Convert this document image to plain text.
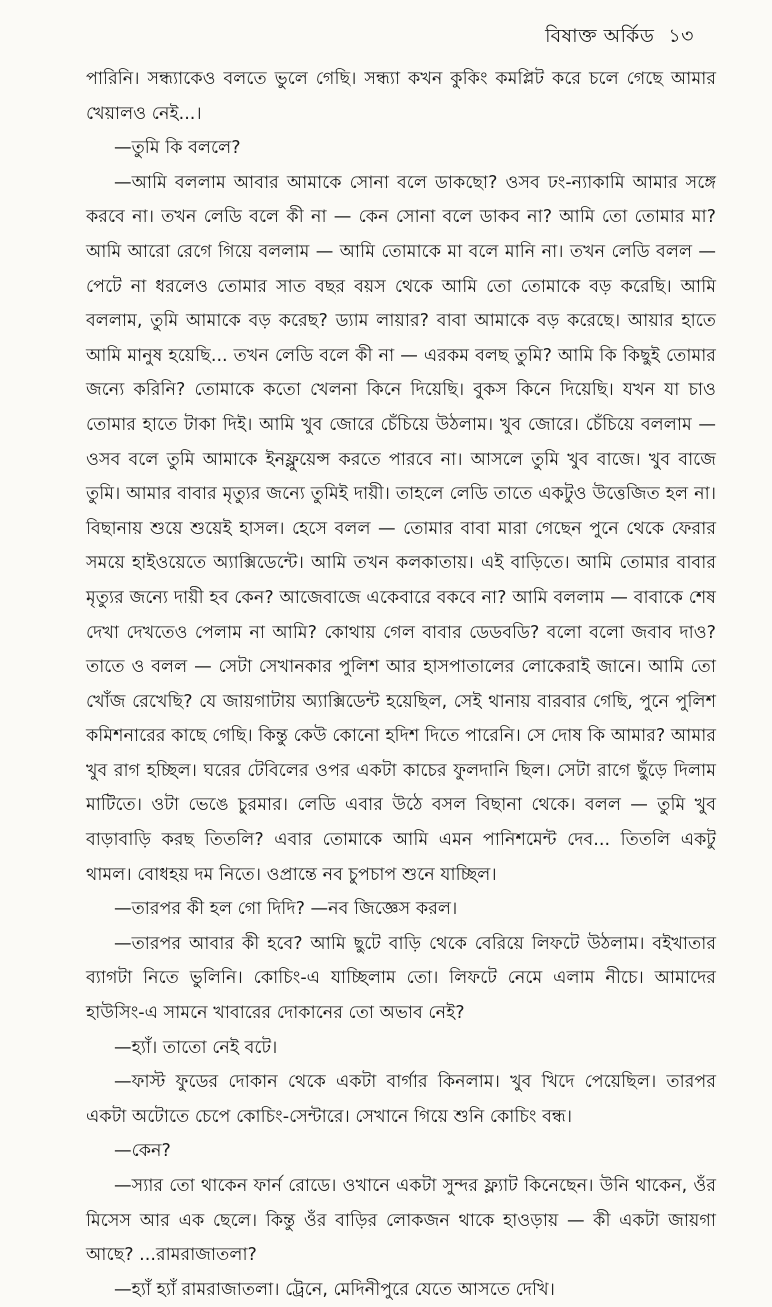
বিষাক্ত অর্কিড ১৩

পারিনি। সন্ধ্যাকেও বলতে ভুলে গেছি। সন্ধ্যা কখন কুকিং কমপ্লিট করে চলে গেছে আমার খেয়ালও নেই...।

—তুমি কি বললে?

—আমি বললাম আবার আমাকে সোনা বলে ডাকছো? ওসব ঢং-ন্যাকামি আমার সঙ্গে করবে না। তখন লেডি বলে কী না — কেন সোনা বলে ডাকব না? আমি তো তোমার মা? আমি আরো রেগে গিয়ে বললাম — আমি তোমাকে মা বলে মানি না। তখন লেডি বলল — পেটে না ধরলেও তোমার সাত বছর বয়স থেকে আমি তো তোমাকে বড় করেছি। আমি বললাম, তুমি আমাকে বড় করেছ? ড্যাম লায়ার? বাবা আমাকে বড় করেছে। আয়ার হাতে আমি মানুষ হয়েছি... তখন লেডি বলে কী না — এরকম বলছ তুমি? আমি কি কিছুই তোমার জন্যে করিনি? তোমাকে কতো খেলনা কিনে দিয়েছি। বুকস কিনে দিয়েছি। যখন যা চাও তোমার হাতে টাকা দিই। আমি খুব জোরে চেঁচিয়ে উঠলাম। খুব জোরে। চেঁচিয়ে বললাম — ওসব বলে তুমি আমাকে ইনফ্লুয়েন্স করতে পারবে না। আসলে তুমি খুব বাজে। খুব বাজে তুমি। আমার বাবার মৃত্যুর জন্যে তুমিই দায়ী। তাহলে লেডি তাতে একটুও উত্তেজিত হল না। বিছানায় শুয়ে শুয়েই হাসল। হেসে বলল — তোমার বাবা মারা গেছেন পুনে থেকে ফেরার সময়ে হাইওয়েতে অ্যাক্সিডেন্টে। আমি তখন কলকাতায়। এই বাড়িতে। আমি তোমার বাবার মৃত্যুর জন্যে দায়ী হব কেন? আজেবাজে একেবারে বকবে না? আমি বললাম — বাবাকে শেষ দেখা দেখতেও পেলাম না আমি? কোথায় গেল বাবার ডেডবডি? বলো বলো জবাব দাও? তাতে ও বলল — সেটা সেখানকার পুলিশ আর হাসপাতালের লোকেরাই জানে। আমি তো খোঁজ রেখেছি? যে জায়গাটায় অ্যাক্সিডেন্ট হয়েছিল, সেই থানায় বারবার গেছি, পুনে পুলিশ কমিশনারের কাছে গেছি। কিন্তু কেউ কোনো হদিশ দিতে পারেনি। সে দোষ কি আমার? আমার খুব রাগ হচ্ছিল। ঘরের টেবিলের ওপর একটা কাচের ফুলদানি ছিল। সেটা রাগে ছুঁড়ে দিলাম মাটিতে। ওটা ভেঙে চুরমার। লেডি এবার উঠে বসল বিছানা থেকে। বলল — তুমি খুব বাড়াবাড়ি করছ তিতলি? এবার তোমাকে আমি এমন পানিশমেন্ট দেব... তিতলি একটু থামল। বোধহয় দম নিতে। ওপ্রান্তে নব চুপচাপ শুনে যাচ্ছিল।

—তারপর কী হল গো দিদি? —নব জিজ্ঞেস করল।

—তারপর আবার কী হবে? আমি ছুটে বাড়ি থেকে বেরিয়ে লিফটে উঠলাম। বইখাতার ব্যাগটা নিতে ভুলিনি। কোচিং-এ যাচ্ছিলাম তো। লিফটে নেমে এলাম নীচে। আমাদের হাউসিং-এ সামনে খাবারের দোকানের তো অভাব নেই?

—হ্যাঁ। তাতো নেই বটে।

—ফাস্ট ফুডের দোকান থেকে একটা বার্গার কিনলাম। খুব খিদে পেয়েছিল। তারপর একটা অটোতে চেপে কোচিং-সেন্টারে। সেখানে গিয়ে শুনি কোচিং বন্ধ।

—কেন?

—স্যার তো থাকেন ফার্ন রোডে। ওখানে একটা সুন্দর ফ্ল্যাট কিনেছেন। উনি থাকেন, ওঁর মিসেস আর এক ছেলে। কিন্তু ওঁর বাড়ির লোকজন থাকে হাওড়ায় — কী একটা জায়গা আছে? ...রামরাজাতলা?

—হ্যাঁ হ্যাঁ রামরাজাতলা। ট্রেনে, মেদিনীপুরে যেতে আসতে দেখি।
